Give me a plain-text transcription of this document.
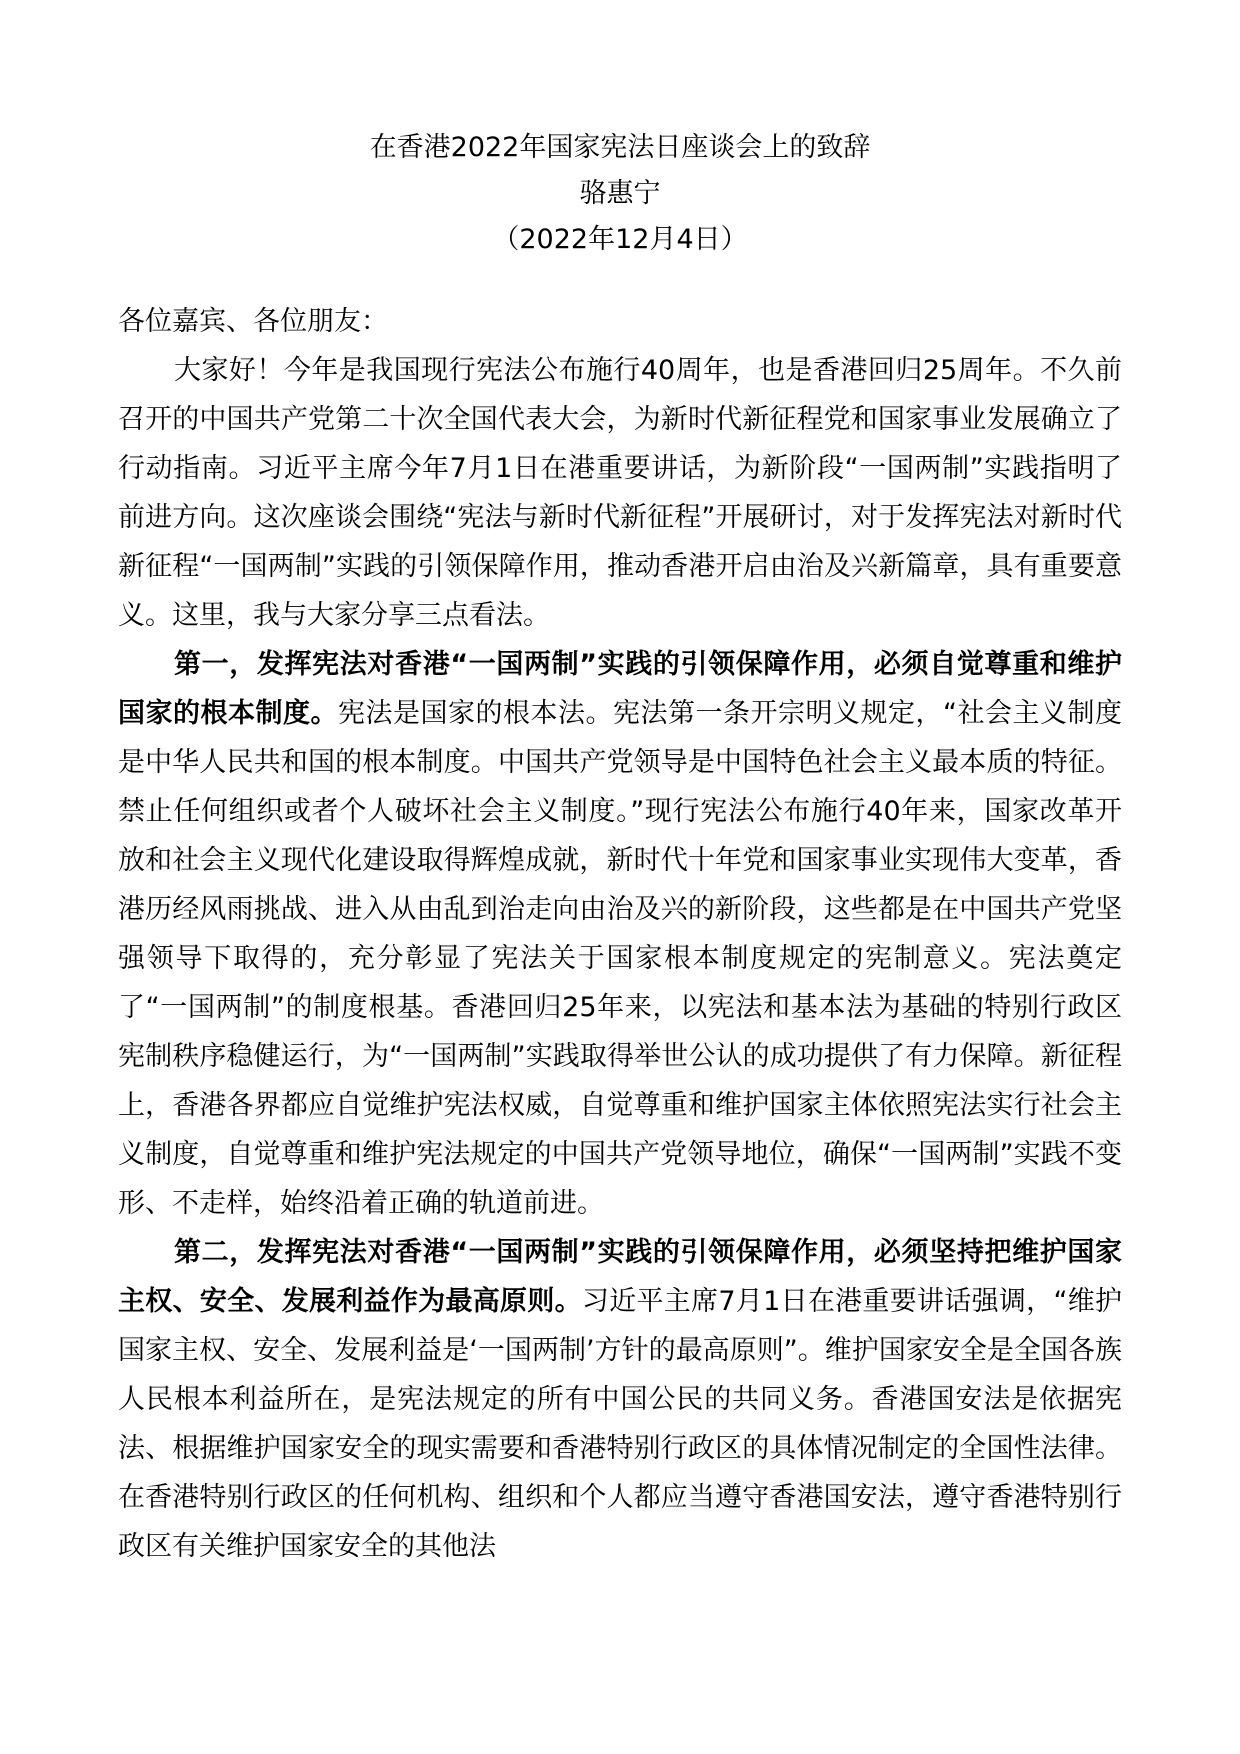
在香港2022年国家宪法日座谈会上的致辞
骆惠宁
（2022年12月4日）
各位嘉宾、各位朋友：

大家好！今年是我国现行宪法公布施行40周年，也是香港回归25周年。不久前召开的中国共产党第二十次全国代表大会，为新时代新征程党和国家事业发展确立了行动指南。习近平主席今年7月1日在港重要讲话，为新阶段“一国两制”实践指明了前进方向。这次座谈会围绕“宪法与新时代新征程”开展研讨，对于发挥宪法对新时代新征程“一国两制”实践的引领保障作用，推动香港开启由治及兴新篇章，具有重要意义。这里，我与大家分享三点看法。

第一，发挥宪法对香港“一国两制”实践的引领保障作用，必须自觉尊重和维护国家的根本制度。宪法是国家的根本法。宪法第一条开宗明义规定，“社会主义制度是中华人民共和国的根本制度。中国共产党领导是中国特色社会主义最本质的特征。禁止任何组织或者个人破坏社会主义制度。”现行宪法公布施行40年来，国家改革开放和社会主义现代化建设取得辉煌成就，新时代十年党和国家事业实现伟大变革，香港历经风雨挑战、进入从由乱到治走向由治及兴的新阶段，这些都是在中国共产党坚强领导下取得的，充分彰显了宪法关于国家根本制度规定的宪制意义。宪法奠定了“一国两制”的制度根基。香港回归25年来，以宪法和基本法为基础的特别行政区宪制秩序稳健运行，为“一国两制”实践取得举世公认的成功提供了有力保障。新征程上，香港各界都应自觉维护宪法权威，自觉尊重和维护国家主体依照宪法实行社会主义制度，自觉尊重和维护宪法规定的中国共产党领导地位，确保“一国两制”实践不变形、不走样，始终沿着正确的轨道前进。

第二，发挥宪法对香港“一国两制”实践的引领保障作用，必须坚持把维护国家主权、安全、发展利益作为最高原则。习近平主席7月1日在港重要讲话强调，“维护国家主权、安全、发展利益是‘一国两制’方针的最高原则”。维护国家安全是全国各族人民根本利益所在，是宪法规定的所有中国公民的共同义务。香港国安法是依据宪法、根据维护国家安全的现实需要和香港特别行政区的具体情况制定的全国性法律。在香港特别行政区的任何机构、组织和个人都应当遵守香港国安法，遵守香港特别行政区有关维护国家安全的其他法
